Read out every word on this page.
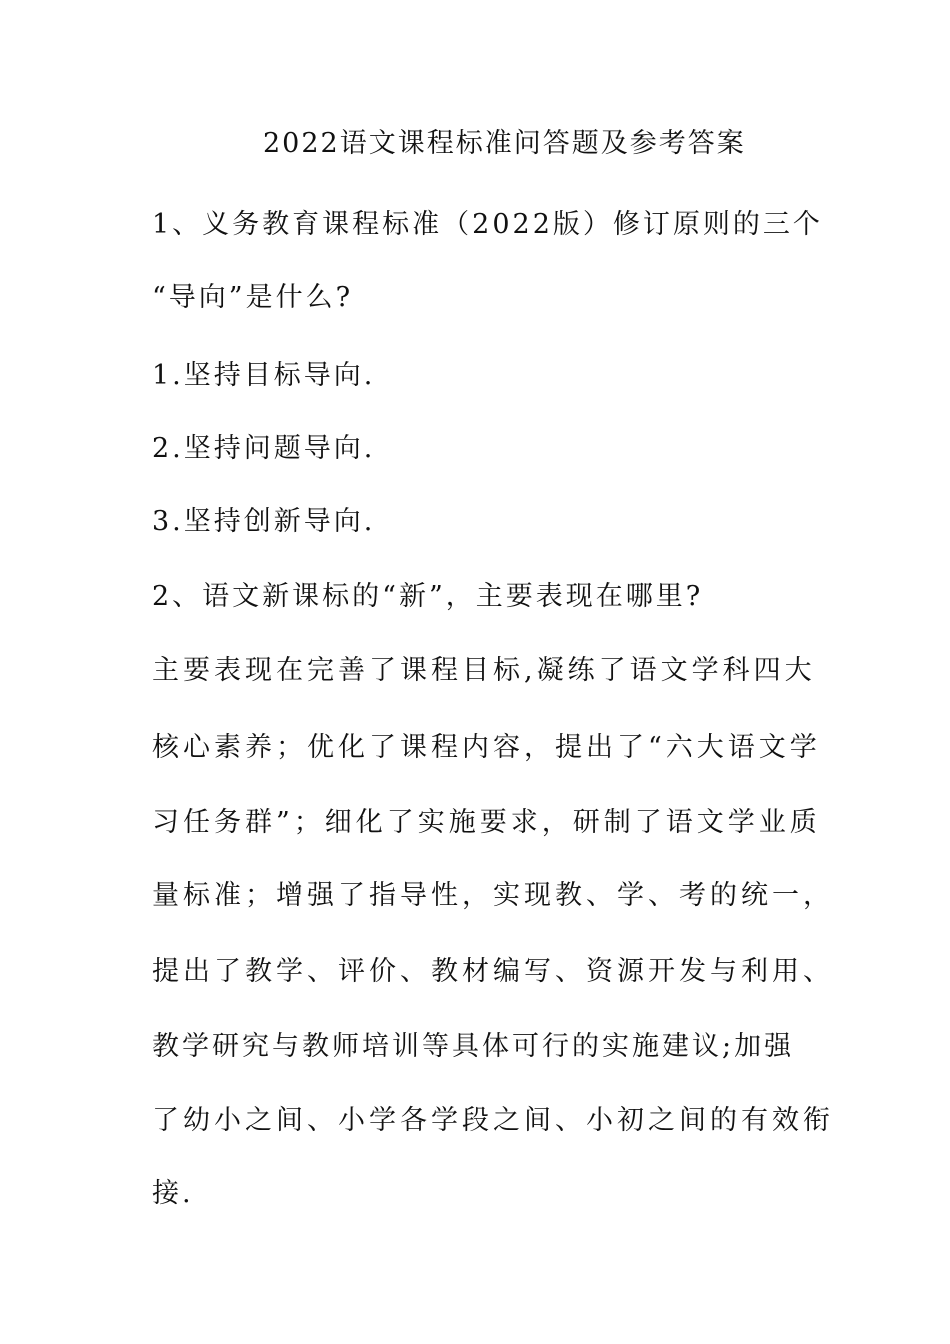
2022语文课程标准问答题及参考答案
1、义务教育课程标准（2022版）修订原则的三个
“导向”是什么?
1.坚持目标导向.
2.坚持问题导向.
3.坚持创新导向.
2、语文新课标的“新”，主要表现在哪里?
主要表现在完善了课程目标,凝练了语文学科四大
核心素养；优化了课程内容，提出了“六大语文学
习任务群”；细化了实施要求，研制了语文学业质
量标准；增强了指导性，实现教、学、考的统一，
提出了教学、评价、教材编写、资源开发与利用、
教学研究与教师培训等具体可行的实施建议;加强
了幼小之间、小学各学段之间、小初之间的有效衔
接.
